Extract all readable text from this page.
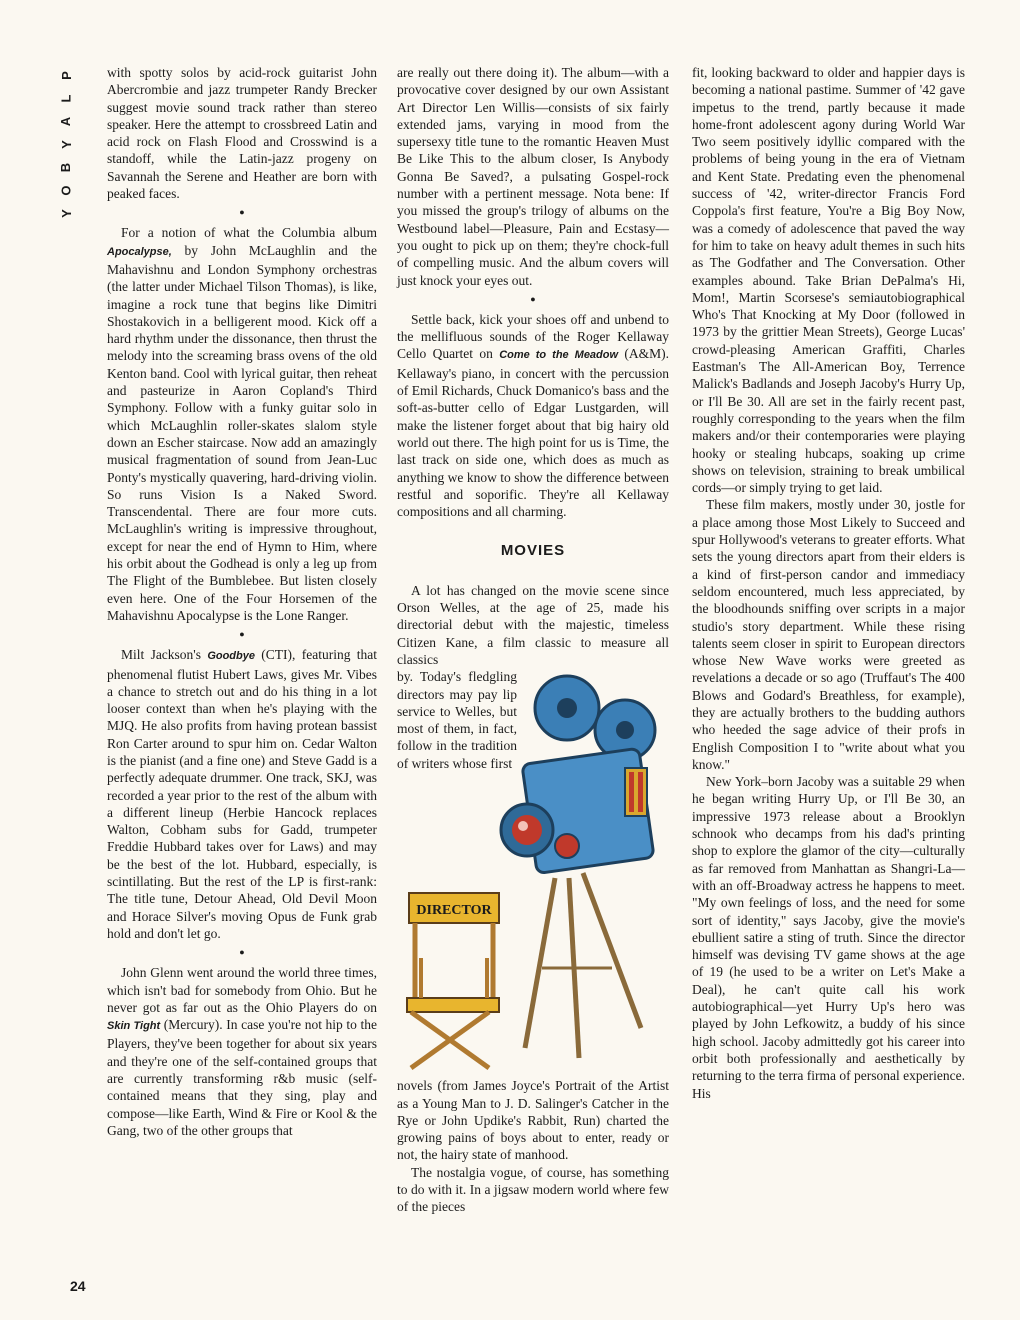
P
L
A
Y
B
O
Y
24

with spotty solos by acid-rock guitarist John Abercrombie and jazz trumpeter Randy Brecker suggest movie sound track rather than stereo speaker. Here the attempt to crossbreed Latin and acid rock on Flash Flood and Crosswind is a standoff, while the Latin-jazz progeny on Savannah the Serene and Heather are born with peaked faces.

●

For a notion of what the Columbia album Apocalypse, by John McLaughlin and the Mahavishnu and London Symphony orchestras (the latter under Michael Tilson Thomas), is like, imagine a rock tune that begins like Dimitri Shostakovich in a belligerent mood. Kick off a hard rhythm under the dissonance, then thrust the melody into the screaming brass ovens of the old Kenton band. Cool with lyrical guitar, then reheat and pasteurize in Aaron Copland's Third Symphony. Follow with a funky guitar solo in which McLaughlin roller-skates slalom style down an Escher staircase. Now add an amazingly musical fragmentation of sound from Jean-Luc Ponty's mystically quavering, hard-driving violin. So runs Vision Is a Naked Sword. Transcendental. There are four more cuts. McLaughlin's writing is impressive throughout, except for near the end of Hymn to Him, where his orbit about the Godhead is only a leg up from The Flight of the Bumblebee. But listen closely even here. One of the Four Horsemen of the Mahavishnu Apocalypse is the Lone Ranger.

●

Milt Jackson's Goodbye (CTI), featuring that phenomenal flutist Hubert Laws, gives Mr. Vibes a chance to stretch out and do his thing in a lot looser context than when he's playing with the MJQ. He also profits from having protean bassist Ron Carter around to spur him on. Cedar Walton is the pianist (and a fine one) and Steve Gadd is a perfectly adequate drummer. One track, SKJ, was recorded a year prior to the rest of the album with a different lineup (Herbie Hancock replaces Walton, Cobham subs for Gadd, trumpeter Freddie Hubbard takes over for Laws) and may be the best of the lot. Hubbard, especially, is scintillating. But the rest of the LP is first-rank: The title tune, Detour Ahead, Old Devil Moon and Horace Silver's moving Opus de Funk grab hold and don't let go.

●

John Glenn went around the world three times, which isn't bad for somebody from Ohio. But he never got as far out as the Ohio Players do on Skin Tight (Mercury). In case you're not hip to the Players, they've been together for about six years and they're one of the self-contained groups that are currently transforming r&b music (self-contained means that they sing, play and compose—like Earth, Wind & Fire or Kool & the Gang, two of the other groups that

are really out there doing it). The album—with a provocative cover designed by our own Assistant Art Director Len Willis—consists of six fairly extended jams, varying in mood from the supersexy title tune to the romantic Heaven Must Be Like This to the album closer, Is Anybody Gonna Be Saved?, a pulsating Gospel-rock number with a pertinent message. Nota bene: If you missed the group's trilogy of albums on the Westbound label—Pleasure, Pain and Ecstasy—you ought to pick up on them; they're chock-full of compelling music. And the album covers will just knock your eyes out.

●

Settle back, kick your shoes off and unbend to the mellifluous sounds of the Roger Kellaway Cello Quartet on Come to the Meadow (A&M). Kellaway's piano, in concert with the percussion of Emil Richards, Chuck Domanico's bass and the soft-as-butter cello of Edgar Lustgarden, will make the listener forget about that big hairy old world out there. The high point for us is Time, the last track on side one, which does as much as anything we know to show the difference between restful and soporific. They're all Kellaway compositions and all charming.

MOVIES

A lot has changed on the movie scene since Orson Welles, at the age of 25, made his directorial debut with the majestic, timeless Citizen Kane, a film classic to measure all classics

DIRECTOR

by. Today's fledgling directors may pay lip service to Welles, but most of them, in fact, follow in the tradition of writers whose first

novels (from James Joyce's Portrait of the Artist as a Young Man to J. D. Salinger's Catcher in the Rye or John Updike's Rabbit, Run) charted the growing pains of boys about to enter, ready or not, the hairy state of manhood.

The nostalgia vogue, of course, has something to do with it. In a jigsaw modern world where few of the pieces

fit, looking backward to older and happier days is becoming a national pastime. Summer of '42 gave impetus to the trend, partly because it made home-front adolescent agony during World War Two seem positively idyllic compared with the problems of being young in the era of Vietnam and Kent State. Predating even the phenomenal success of '42, writer-director Francis Ford Coppola's first feature, You're a Big Boy Now, was a comedy of adolescence that paved the way for him to take on heavy adult themes in such hits as The Godfather and The Conversation. Other examples abound. Take Brian DePalma's Hi, Mom!, Martin Scorsese's semiautobiographical Who's That Knocking at My Door (followed in 1973 by the grittier Mean Streets), George Lucas' crowd-pleasing American Graffiti, Charles Eastman's The All-American Boy, Terrence Malick's Badlands and Joseph Jacoby's Hurry Up, or I'll Be 30. All are set in the fairly recent past, roughly corresponding to the years when the film makers and/or their contemporaries were playing hooky or stealing hubcaps, soaking up crime shows on television, straining to break umbilical cords—or simply trying to get laid.

These film makers, mostly under 30, jostle for a place among those Most Likely to Succeed and spur Hollywood's veterans to greater efforts. What sets the young directors apart from their elders is a kind of first-person candor and immediacy seldom encountered, much less appreciated, by the bloodhounds sniffing over scripts in a major studio's story department. While these rising talents seem closer in spirit to European directors whose New Wave works were greeted as revelations a decade or so ago (Truffaut's The 400 Blows and Godard's Breathless, for example), they are actually brothers to the budding authors who heeded the sage advice of their profs in English Composition I to "write about what you know."

New York–born Jacoby was a suitable 29 when he began writing Hurry Up, or I'll Be 30, an impressive 1973 release about a Brooklyn schnook who decamps from his dad's printing shop to explore the glamor of the city—culturally as far removed from Manhattan as Shangri-La—with an off-Broadway actress he happens to meet. "My own feelings of loss, and the need for some sort of identity," says Jacoby, give the movie's ebullient satire a sting of truth. Since the director himself was devising TV game shows at the age of 19 (he used to be a writer on Let's Make a Deal), he can't quite call his work autobiographical—yet Hurry Up's hero was played by John Lefkowitz, a buddy of his since high school. Jacoby admittedly got his career into orbit both professionally and aesthetically by returning to the terra firma of personal experience. His
